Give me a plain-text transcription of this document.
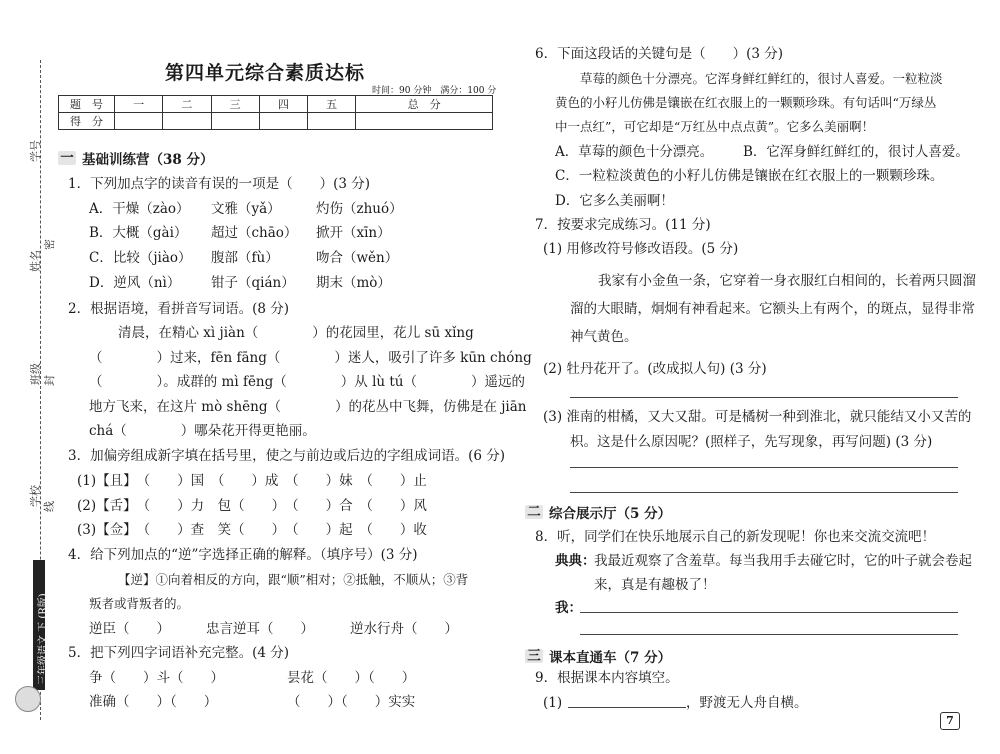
学号
姓名
班级
学校
密
封
线
三年级语文 下 (R版)
第四单元综合素质达标
时间：90 分钟　满分：100 分
题　号	一	二	三	四	五	总　分
得　分						
一 基础训练营（38 分）
1．下列加点字的读音有误的一项是（　　）(3 分)
A．干燥（zào） 文雅（yǎ）	灼伤（zhuó）
B．大概（gài） 超过（chāo） 掀开（xīn）
C．比较（jiào） 腹部（fù）	吻合（wěn）
D．逆风（nì） 钳子（qián） 期末（mò）
2．根据语境，看拼音写词语。(8 分)
清晨，在精心 xì jiàn（　　　　）的花园里，花儿 sū xǐng
（　　　　）过来，fēn fāng（　　　　）迷人，吸引了许多 kūn chóng
（　　　　）。成群的 mì fēng（　　　　）从 lù tú（　　　　）遥远的
地方飞来，在这片 mò shēng（　　　　）的花丛中飞舞，仿佛是在 jiān
chá（　　　　）哪朵花开得更艳丽。
3．加偏旁组成新字填在括号里，使之与前边或后边的字组成词语。(6 分)
(1)【且】　（　　）国　（　　）成　（　　）妹　（　　）止
(2)【舌】　（　　）力　包（　　）　（　　）合　（　　）风
(3)【佥】　（　　）查　笑（　　）　（　　）起　（　　）收
4．给下列加点的“逆”字选择正确的解释。（填序号）(3 分)
【逆】①向着相反的方向，跟“顺”相对；②抵触，不顺从；③背
叛者或背叛者的。
逆臣（　　）	忠言逆耳（　　）	逆水行舟（　　）
5．把下列四字词语补充完整。(4 分)
争（　　）斗（　　）	昙花（　　）（　　）
准确（　　）（　　）	（　　）（　　）实实
6．下面这段话的关键句是（　　）(3 分)
草莓的颜色十分漂亮。它浑身鲜红鲜红的，很讨人喜爱。一粒粒淡
黄色的小籽儿仿佛是镶嵌在红衣服上的一颗颗珍珠。有句话叫“万绿丛
中一点红”，可它却是“万红丛中点点黄”。它多么美丽啊！
A．草莓的颜色十分漂亮。 B．它浑身鲜红鲜红的，很讨人喜爱。
C．一粒粒淡黄色的小籽儿仿佛是镶嵌在红衣服上的一颗颗珍珠。
D．它多么美丽啊！
7．按要求完成练习。(11 分)
(1) 用修改符号修改语段。(5 分)
我家有小金鱼一条，它穿着一身衣服红白相间的，长着两只圆溜
溜的大眼睛，炯炯有神看起来。它额头上有两个，的斑点，显得非常
神气黄色。
(2) 牡丹花开了。(改成拟人句) (3 分)
(3) 淮南的柑橘，又大又甜。可是橘树一种到淮北，就只能结又小又苦的
枳。这是什么原因呢？(照样子，先写现象，再写问题) (3 分)
二 综合展示厅（5 分）
8．听，同学们在快乐地展示自己的新发现呢！你也来交流交流吧！
典典：
我最近观察了含羞草。每当我用手去碰它时，它的叶子就会卷起
来，真是有趣极了！
我：
三 课本直通车（7 分）
9．根据课本内容填空。
(1)	，野渡无人舟自横。
7
